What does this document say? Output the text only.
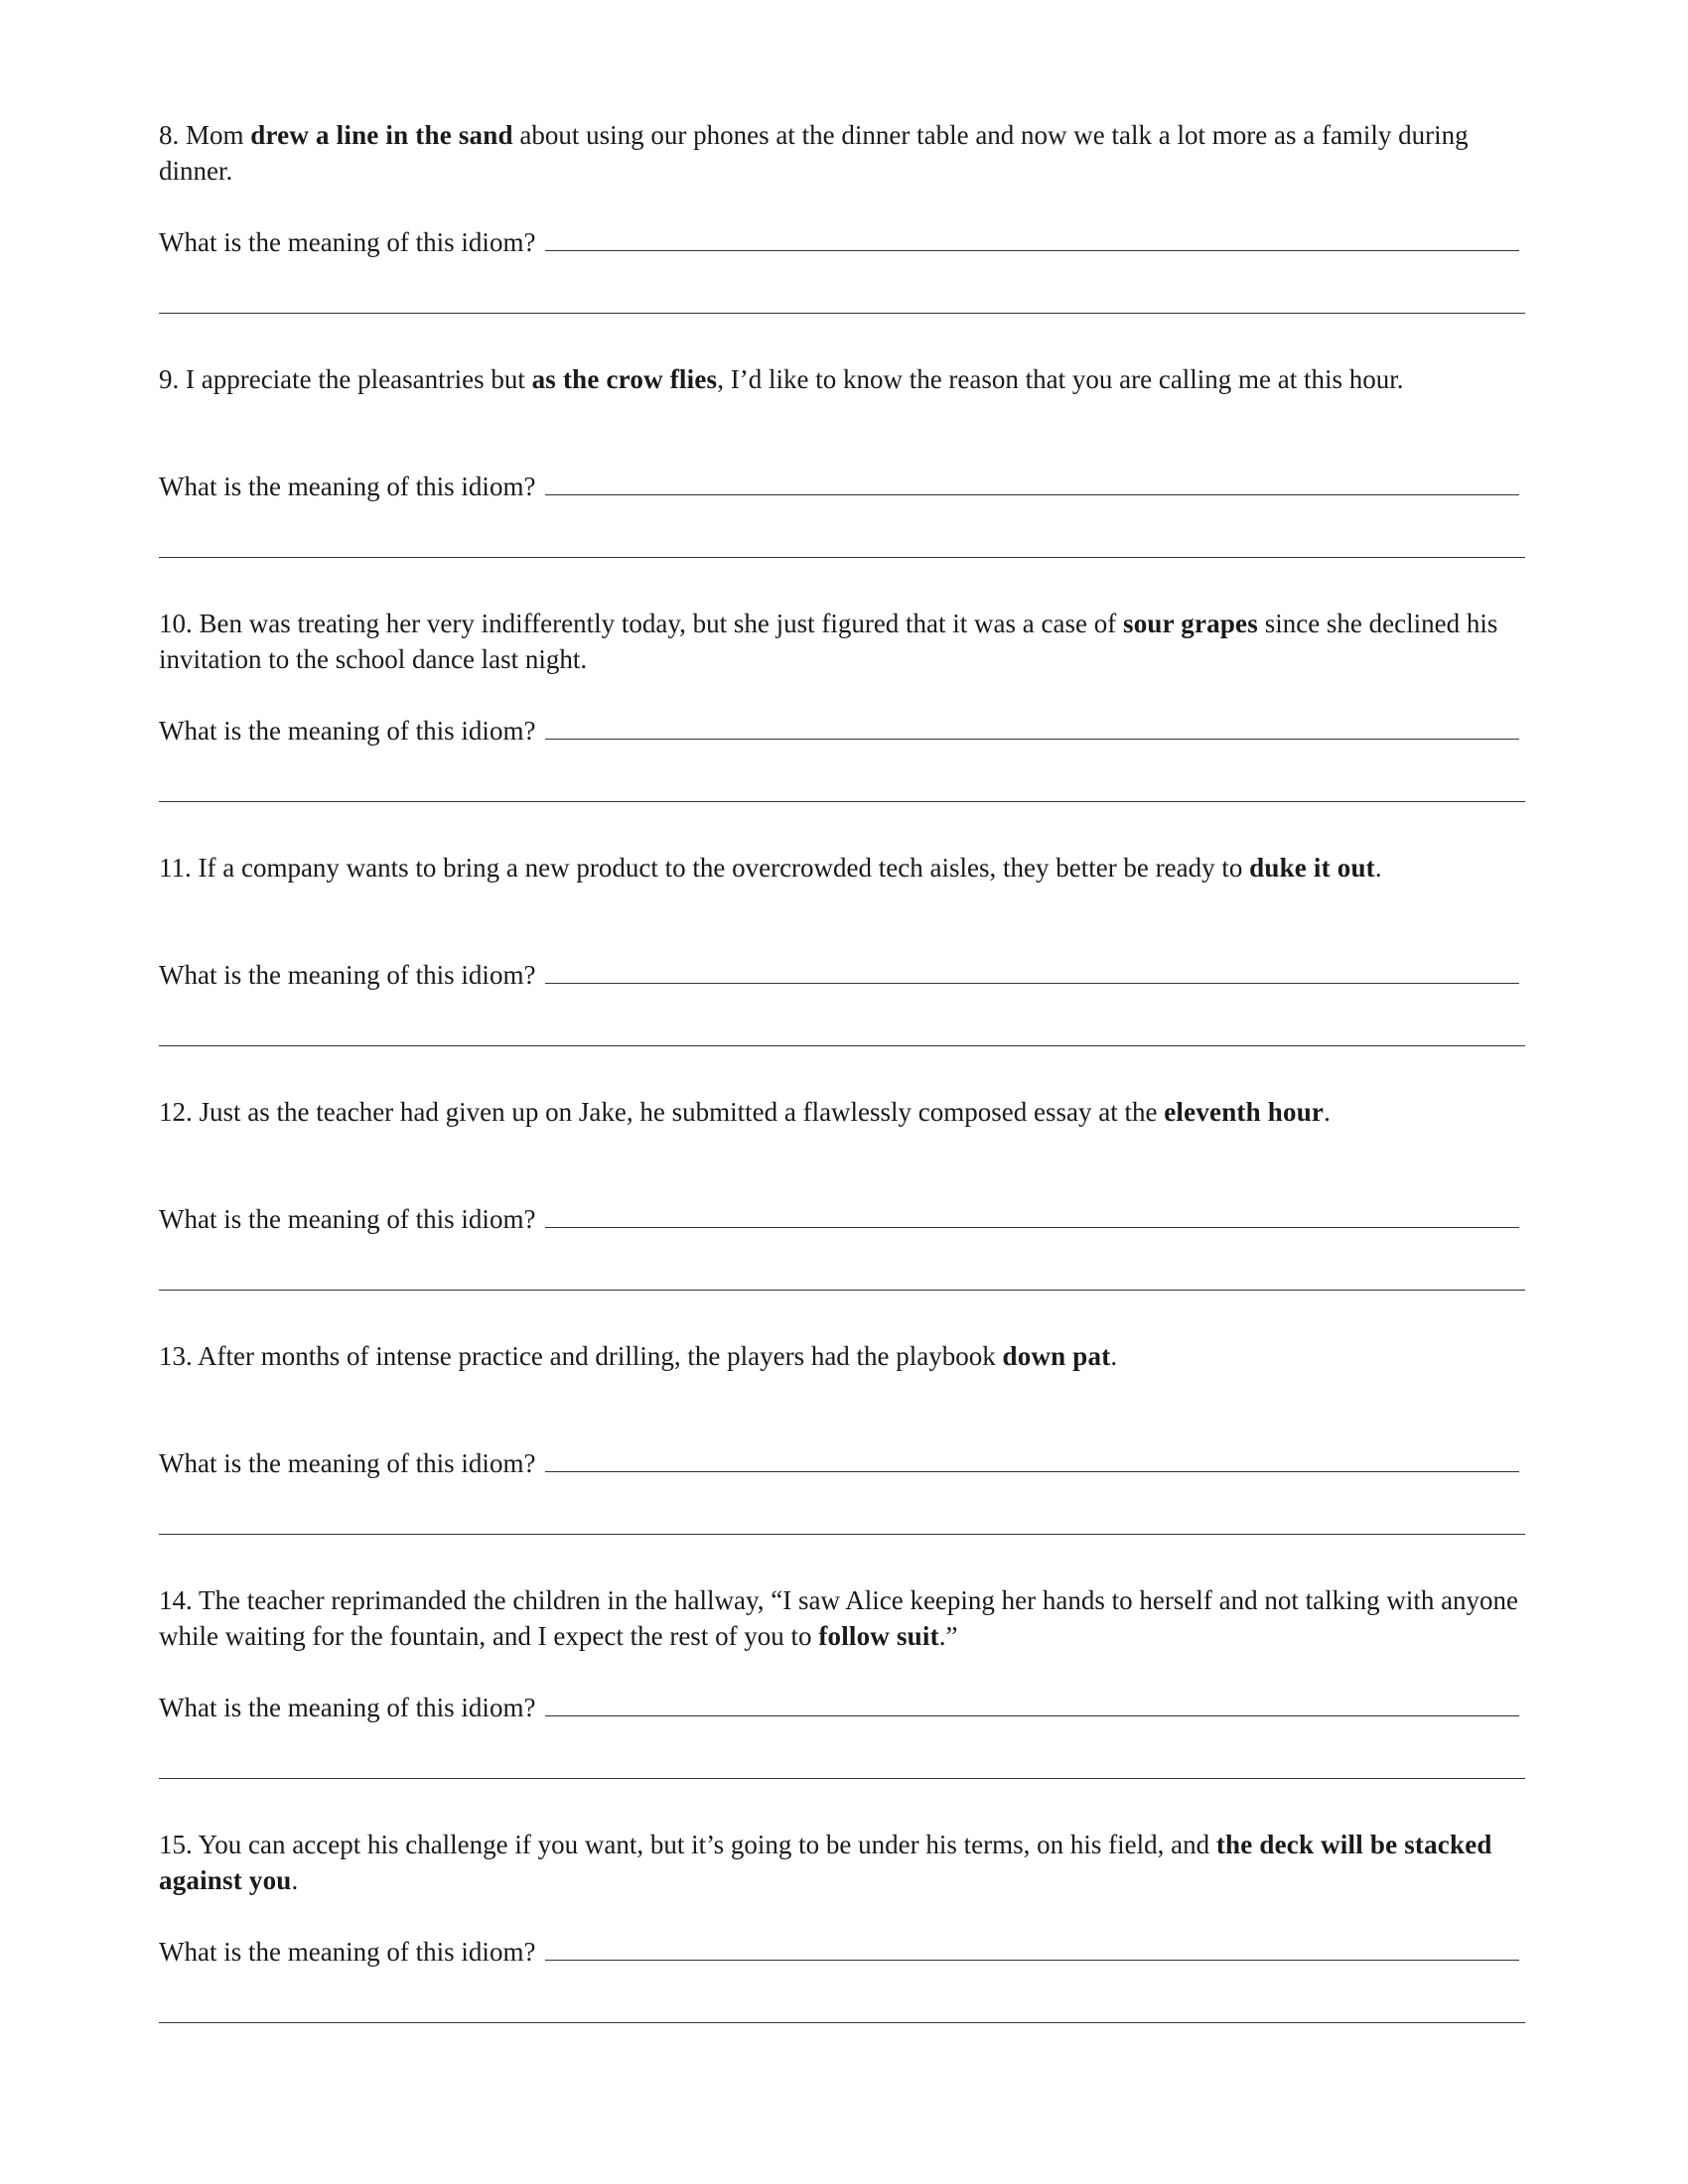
8. Mom drew a line in the sand about using our phones at the dinner table and now we talk a lot more as a family during dinner.

What is the meaning of this idiom?

9. I appreciate the pleasantries but as the crow flies, I’d like to know the reason that you are calling me at this hour.

What is the meaning of this idiom?

10. Ben was treating her very indifferently today, but she just figured that it was a case of sour grapes since she declined his invitation to the school dance last night.

What is the meaning of this idiom?

11. If a company wants to bring a new product to the overcrowded tech aisles, they better be ready to duke it out.

What is the meaning of this idiom?

12. Just as the teacher had given up on Jake, he submitted a flawlessly composed essay at the eleventh hour.

What is the meaning of this idiom?

13. After months of intense practice and drilling, the players had the playbook down pat.

What is the meaning of this idiom?

14. The teacher reprimanded the children in the hallway, “I saw Alice keeping her hands to herself and not talking with anyone while waiting for the fountain, and I expect the rest of you to follow suit.”

What is the meaning of this idiom?

15. You can accept his challenge if you want, but it’s going to be under his terms, on his field, and the deck will be stacked against you.

What is the meaning of this idiom?
